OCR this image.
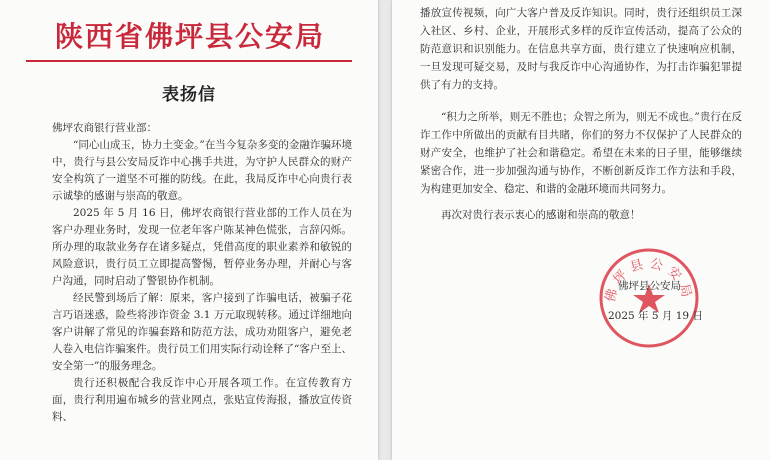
陕西省佛坪县公安局
表扬信

佛坪农商银行营业部：

“同心山成玉，协力土变金。”在当今复杂多变的金融诈骗环境中，贵行与县公安局反诈中心携手共进，为守护人民群众的财产安全构筑了一道坚不可摧的防线。在此，我局反诈中心向贵行表示诚挚的感谢与崇高的敬意。

2025 年 5 月 16 日，佛坪农商银行营业部的工作人员在为客户办理业务时，发现一位老年客户陈某神色慌张，言辞闪烁。所办理的取款业务存在诸多疑点，凭借高度的职业素养和敏锐的风险意识，贵行员工立即提高警惕，暂停业务办理，并耐心与客户沟通，同时启动了警银协作机制。

经民警到场后了解：原来，客户接到了诈骗电话，被骗子花言巧语迷惑，险些将涉诈资金 3.1 万元取现转移。通过详细地向客户讲解了常见的诈骗套路和防范方法，成功劝阻客户，避免老人卷入电信诈骗案件。贵行员工们用实际行动诠释了“客户至上、安全第一”的服务理念。

贵行还积极配合我反诈中心开展各项工作。在宣传教育方面，贵行利用遍布城乡的营业网点，张贴宣传海报，播放宣传资料、

播放宣传视频，向广大客户普及反诈知识。同时，贵行还组织员工深入社区、乡村、企业，开展形式多样的反诈宣传活动，提高了公众的防范意识和识别能力。在信息共享方面，贵行建立了快速响应机制，一旦发现可疑交易，及时与我反诈中心沟通协作，为打击诈骗犯罪提供了有力的支持。

“积力之所举，则无不胜也；众智之所为，则无不成也。”贵行在反诈工作中所做出的贡献有目共睹，你们的努力不仅保护了人民群众的财产安全，也维护了社会和谐稳定。希望在未来的日子里，能够继续紧密合作，进一步加强沟通与协作，不断创新反诈工作方法和手段，为构建更加安全、稳定、和谐的金融环境而共同努力。

再次对贵行表示衷心的感谢和崇高的敬意！

佛坪县公安局
佛坪县公安局
2025 年 5 月 19 日
